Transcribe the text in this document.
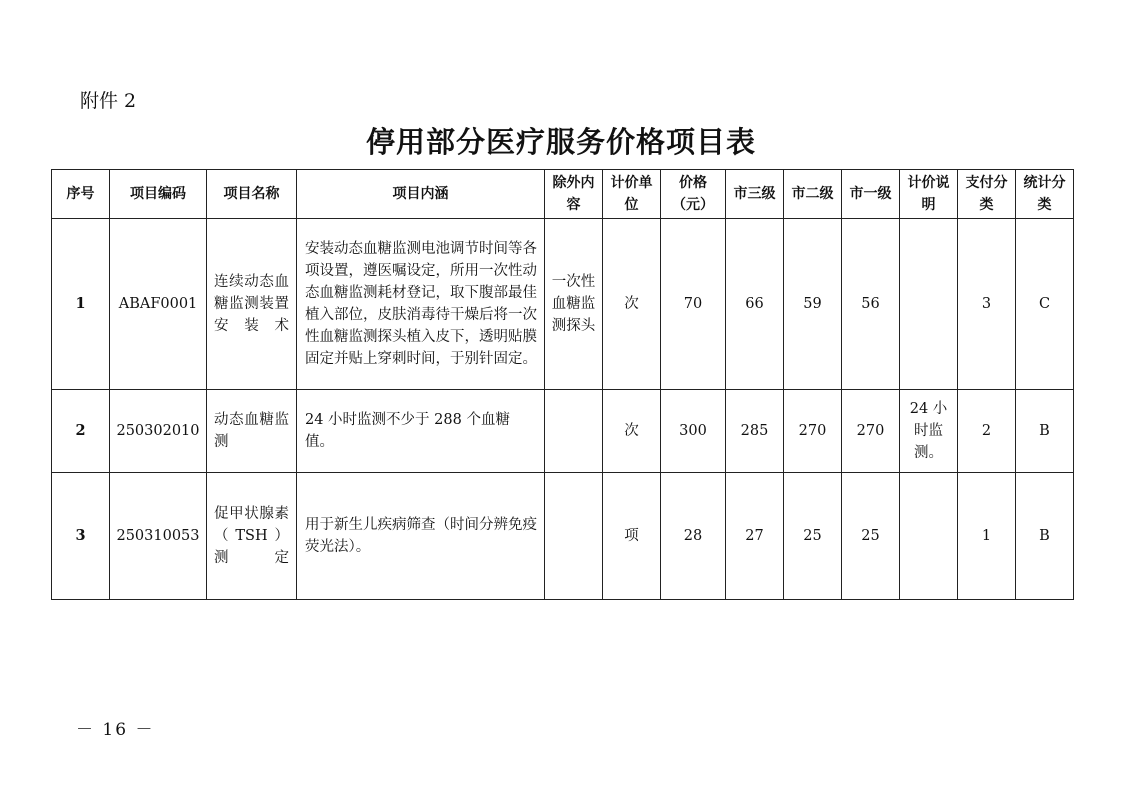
附件 2
停用部分医疗服务价格项目表
序号	项目编码	项目名称	项目内涵	除外内容	计价单位	价格（元）	市三级	市二级	市一级	计价说明	支付分类	统计分类
1	ABAF0001	连续动态血糖监测装置安装术	安装动态血糖监测电池调节时间等各项设置，遵医嘱设定，所用一次性动态血糖监测耗材登记，取下腹部最佳植入部位，皮肤消毒待干燥后将一次性血糖监测探头植入皮下，透明贴膜固定并贴上穿刺时间，于别针固定。	一次性血糖监测探头	次	70	66	59	56		3	C
2	250302010	动态血糖监测	24 小时监测不少于 288 个血糖值。		次	300	285	270	270	24 小时监测。	2	B
3	250310053	促甲状腺素（TSH）测定	用于新生儿疾病筛查（时间分辨免疫荧光法）。		项	28	27	25	25		1	B
－ 16 －
